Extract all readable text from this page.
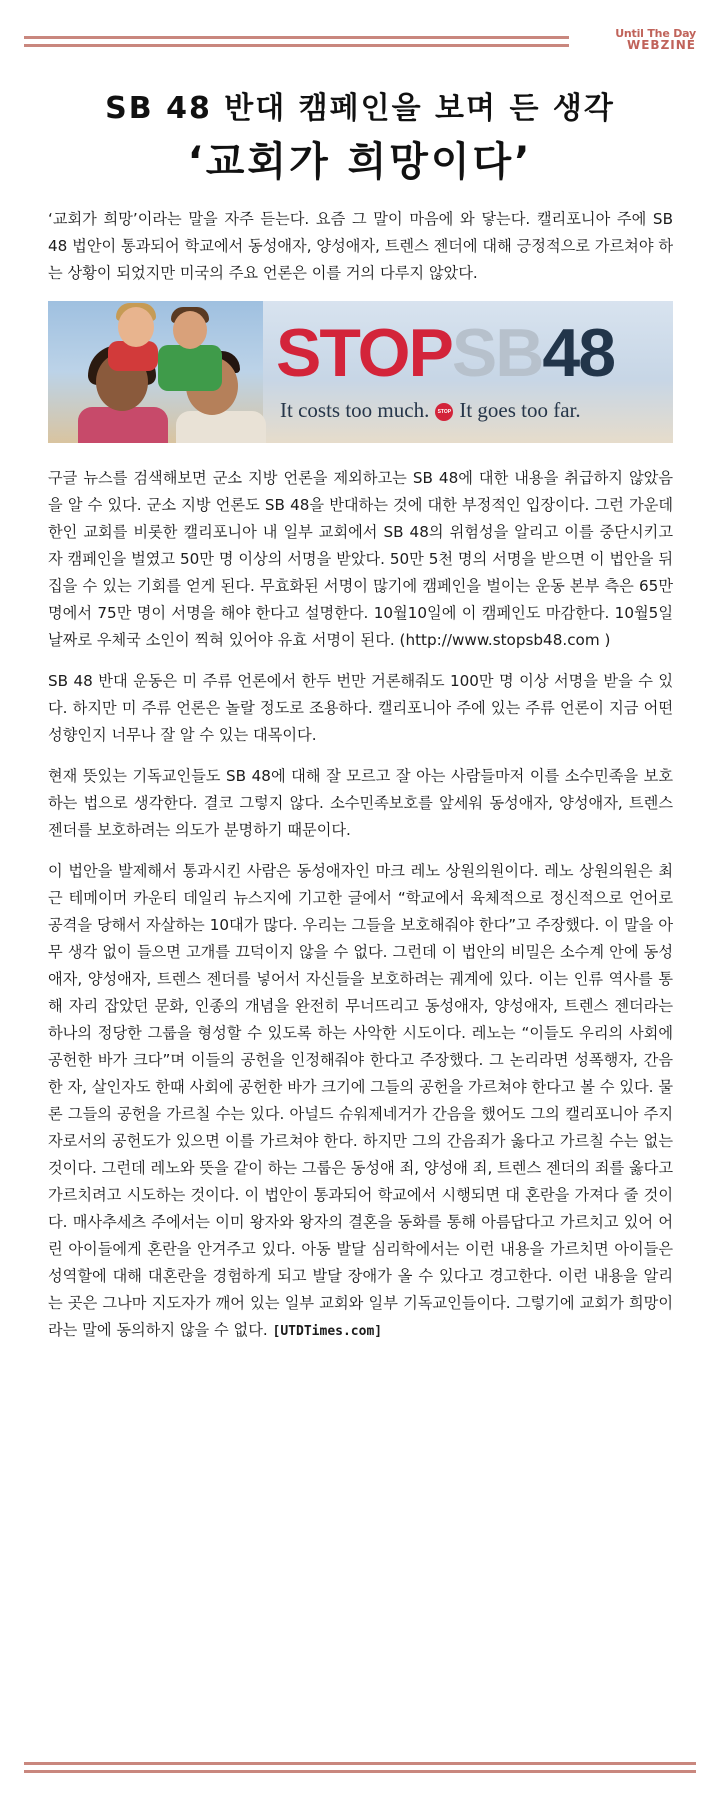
Until The Day
WEBZINE
SB 48 반대 캠페인을 보며 든 생각
‘교회가 희망이다’

‘교회가 희망’이라는 말을 자주 듣는다. 요즘 그 말이 마음에 와 닿는다. 캘리포니아 주에 SB 48 법안이 통과되어 학교에서 동성애자, 양성애자, 트렌스 젠더에 대해 긍정적으로 가르쳐야 하는 상황이 되었지만 미국의 주요 언론은 이를 거의 다루지 않았다.

STOPSB48
It costs too much. STOP It goes too far.

구글 뉴스를 검색해보면 군소 지방 언론을 제외하고는 SB 48에 대한 내용을 취급하지 않았음을 알 수 있다. 군소 지방 언론도 SB 48을 반대하는 것에 대한 부정적인 입장이다. 그런 가운데 한인 교회를 비롯한 캘리포니아 내 일부 교회에서 SB 48의 위험성을 알리고 이를 중단시키고자 캠페인을 벌였고 50만 명 이상의 서명을 받았다. 50만 5천 명의 서명을 받으면 이 법안을 뒤집을 수 있는 기회를 얻게 된다. 무효화된 서명이 많기에 캠페인을 벌이는 운동 본부 측은 65만 명에서 75만 명이 서명을 해야 한다고 설명한다. 10월10일에 이 캠페인도 마감한다. 10월5일 날짜로 우체국 소인이 찍혀 있어야 유효 서명이 된다. (http://www.stopsb48.com )

SB 48 반대 운동은 미 주류 언론에서 한두 번만 거론해줘도 100만 명 이상 서명을 받을 수 있다. 하지만 미 주류 언론은 놀랄 정도로 조용하다. 캘리포니아 주에 있는 주류 언론이 지금 어떤 성향인지 너무나 잘 알 수 있는 대목이다.

현재 뜻있는 기독교인들도 SB 48에 대해 잘 모르고 잘 아는 사람들마저 이를 소수민족을 보호하는 법으로 생각한다. 결코 그렇지 않다. 소수민족보호를 앞세워 동성애자, 양성애자, 트렌스 젠더를 보호하려는 의도가 분명하기 때문이다.

이 법안을 발제해서 통과시킨 사람은 동성애자인 마크 레노 상원의원이다. 레노 상원의원은 최근 테메이머 카운티 데일리 뉴스지에 기고한 글에서 “학교에서 육체적으로 정신적으로 언어로 공격을 당해서 자살하는 10대가 많다. 우리는 그들을 보호해줘야 한다”고 주장했다. 이 말을 아무 생각 없이 들으면 고개를 끄덕이지 않을 수 없다. 그런데 이 법안의 비밀은 소수계 안에 동성애자, 양성애자, 트렌스 젠더를 넣어서 자신들을 보호하려는 궤계에 있다. 이는 인류 역사를 통해 자리 잡았던 문화, 인종의 개념을 완전히 무너뜨리고 동성애자, 양성애자, 트렌스 젠더라는 하나의 정당한 그룹을 형성할 수 있도록 하는 사악한 시도이다. 레노는 “이들도 우리의 사회에 공헌한 바가 크다”며 이들의 공헌을 인정해줘야 한다고 주장했다. 그 논리라면 성폭행자, 간음한 자, 살인자도 한때 사회에 공헌한 바가 크기에 그들의 공헌을 가르쳐야 한다고 볼 수 있다. 물론 그들의 공헌을 가르칠 수는 있다. 아널드 슈워제네거가 간음을 했어도 그의 캘리포니아 주지자로서의 공헌도가 있으면 이를 가르쳐야 한다. 하지만 그의 간음죄가 옳다고 가르칠 수는 없는 것이다. 그런데 레노와 뜻을 같이 하는 그룹은 동성애 죄, 양성애 죄, 트렌스 젠더의 죄를 옳다고 가르치려고 시도하는 것이다. 이 법안이 통과되어 학교에서 시행되면 대 혼란을 가져다 줄 것이다. 매사추세츠 주에서는 이미 왕자와 왕자의 결혼을 동화를 통해 아름답다고 가르치고 있어 어린 아이들에게 혼란을 안겨주고 있다. 아동 발달 심리학에서는 이런 내용을 가르치면 아이들은 성역할에 대해 대혼란을 경험하게 되고 발달 장애가 올 수 있다고 경고한다. 이런 내용을 알리는 곳은 그나마 지도자가 깨어 있는 일부 교회와 일부 기독교인들이다. 그렇기에 교회가 희망이라는 말에 동의하지 않을 수 없다. [UTDTimes.com]
